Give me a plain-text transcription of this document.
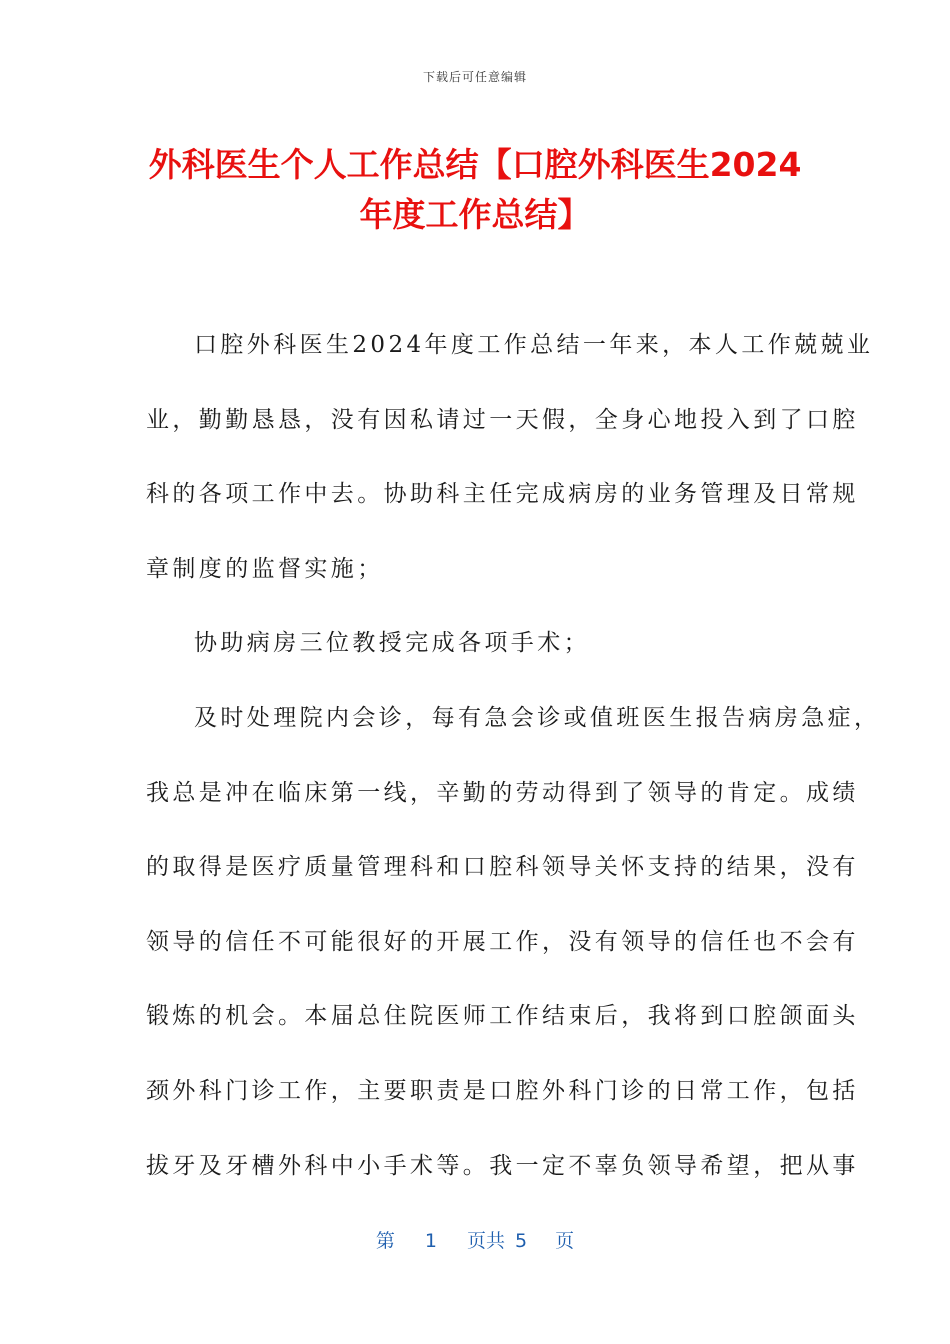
下载后可任意编辑
外科医生个人工作总结【口腔外科医生2024
年度工作总结】
口腔外科医生2024年度工作总结一年来，本人工作兢兢业
业，勤勤恳恳，没有因私请过一天假，全身心地投入到了口腔
科的各项工作中去。协助科主任完成病房的业务管理及日常规
章制度的监督实施；
协助病房三位教授完成各项手术；
及时处理院内会诊，每有急会诊或值班医生报告病房急症，
我总是冲在临床第一线，辛勤的劳动得到了领导的肯定。成绩
的取得是医疗质量管理科和口腔科领导关怀支持的结果，没有
领导的信任不可能很好的开展工作，没有领导的信任也不会有
锻炼的机会。本届总住院医师工作结束后，我将到口腔颌面头
颈外科门诊工作，主要职责是口腔外科门诊的日常工作，包括
拔牙及牙槽外科中小手术等。我一定不辜负领导希望，把从事
第 1 页共 5 页
